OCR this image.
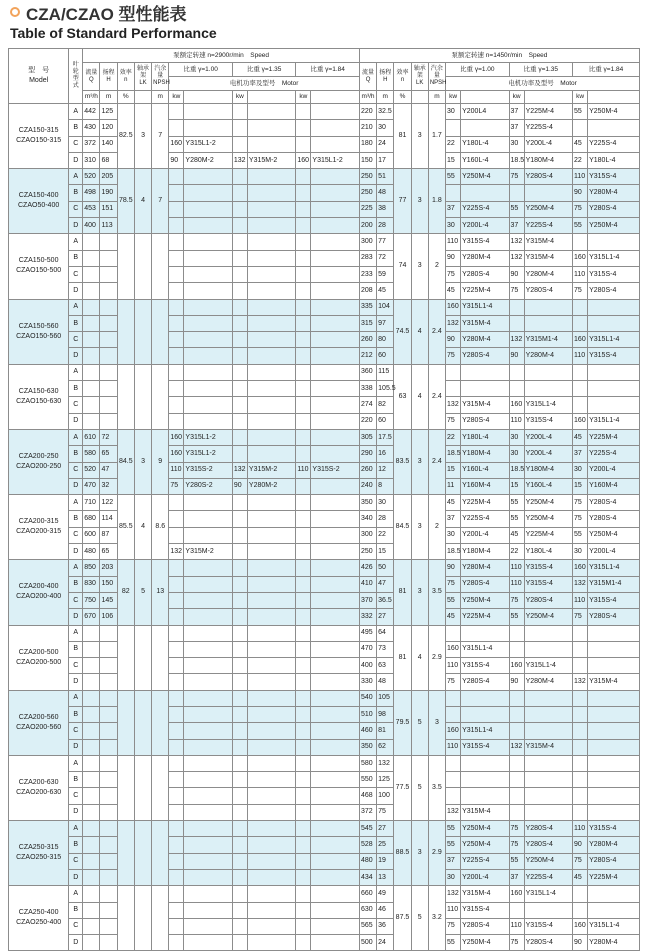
CZA/CZAO 型性能表
Table of Standard Performance
型　号
Model	叶轮型式	泵额定转速 n=2900r/min　Speed											泵额定转速 n=1450r/min　Speed										
		流量 Q	扬程 H	效率 n	轴承架 LK	汽余量 NPSH	比重 γ=1.00		比重 γ=1.35		比重 γ=1.84		流量 Q	扬程 H	效率 n	轴承架 LK	汽余量 NPSH	比重 γ=1.00		比重 γ=1.35		比重 γ=1.84	
							电机功率及型号　Motor											电机功率及型号　Motor					
		m³/h	m	%		m	kw		kw		kw		m³/h	m	%		m	kw		kw		kw	

CZA150-315
CZAO150-315	A	442	125	82.5	3	7							220	32.5	81	3	1.7	30	Y200L4	37	Y225M-4	55	Y250M-4
	B	430	120										210	30						37	Y225S-4		
	C	372	140				160	Y315L1-2					180	24				22	Y180L-4	30	Y200L-4	45	Y225S-4
	D	310	68				90	Y280M-2	132	Y315M-2	160	Y315L1-2	150	17				15	Y160L-4	18.5	Y180M-4	22	Y180L-4

CZA150-400
CZAO50-400	A	520	205	78.5	4	7							250	51	77	3	1.8	55	Y250M-4	75	Y280S-4	110	Y315S-4
	B	498	190										250	48								90	Y280M-4
	C	453	151										225	38				37	Y225S-4	55	Y250M-4	75	Y280S-4
	D	400	113										200	28				30	Y200L-4	37	Y225S-4	55	Y250M-4

CZA150-500
CZAO150-500	A												300	77	74	3	2	110	Y315S-4	132	Y315M-4		
	B												283	72				90	Y280M-4	132	Y315M-4	160	Y315L1-4
	C												233	59				75	Y280S-4	90	Y280M-4	110	Y315S-4
	D												208	45				45	Y225M-4	75	Y280S-4	75	Y280S-4

CZA150-560
CZAO150-560	A												335	104	74.5	4	2.4	160	Y315L1-4				
	B												315	97				132	Y315M-4				
	C												260	80				90	Y280M-4	132	Y315M1-4	160	Y315L1-4
	D												212	60				75	Y280S-4	90	Y280M-4	110	Y315S-4

CZA150-630
CZAO150-630	A												360	115	63	4	2.4						
	B												338	105.5									
	C												274	82				132	Y315M-4	160	Y315L1-4		
	D												220	60				75	Y280S-4	110	Y315S-4	160	Y315L1-4

CZA200-250
CZAO200-250	A	610	72	84.5	3	9	160	Y315L1-2					305	17.5	83.5	3	2.4	22	Y180L-4	30	Y200L-4	45	Y225M-4
	B	580	65				160	Y315L1-2					290	16				18.5	Y180M-4	30	Y200L-4	37	Y225S-4
	C	520	47				110	Y315S-2	132	Y315M-2	110	Y315S-2	260	12				15	Y160L-4	18.5	Y180M-4	30	Y200L-4
	D	470	32				75	Y280S-2	90	Y280M-2			240	8				11	Y160M-4	15	Y160L-4	15	Y160M-4

CZA200-315
CZAO200-315	A	710	122	85.5	4	8.6							350	30	84.5	3	2	45	Y225M-4	55	Y250M-4	75	Y280S-4
	B	680	114										340	28				37	Y225S-4	55	Y250M-4	75	Y280S-4
	C	600	87										300	22				30	Y200L-4	45	Y225M-4	55	Y250M-4
	D	480	65				132	Y315M-2					250	15				18.5	Y180M-4	22	Y180L-4	30	Y200L-4

CZA200-400
CZAO200-400	A	850	203	82	5	13							426	50	81	3	3.5	90	Y280M-4	110	Y315S-4	160	Y315L1-4
	B	830	150										410	47				75	Y280S-4	110	Y315S-4	132	Y315M1-4
	C	750	145										370	36.5				55	Y250M-4	75	Y280S-4	110	Y315S-4
	D	670	106										332	27				45	Y225M-4	55	Y250M-4	75	Y280S-4

CZA200-500
CZAO200-500	A												495	64	81	4	2.9						
	B												470	73				160	Y315L1-4				
	C												400	63				110	Y315S-4	160	Y315L1-4		
	D												330	48				75	Y280S-4	90	Y280M-4	132	Y315M-4

CZA200-560
CZAO200-560	A												540	105	79.5	5	3						
	B												510	98									
	C												460	81				160	Y315L1-4				
	D												350	62				110	Y315S-4	132	Y315M-4		

CZA200-630
CZAO200-630	A												580	132	77.5	5	3.5						
	B												550	125									
	C												468	100									
	D												372	75				132	Y315M-4				

CZA250-315
CZAO250-315	A												545	27	88.5	3	2.9	55	Y250M-4	75	Y280S-4	110	Y315S-4
	B												528	25				55	Y250M-4	75	Y280S-4	90	Y280M-4
	C												480	19				37	Y225S-4	55	Y250M-4	75	Y280S-4
	D												434	13				30	Y200L-4	37	Y225S-4	45	Y225M-4

CZA250-400
CZAO250-400	A												660	49	87.5	5	3.2	132	Y315M-4	160	Y315L1-4		
	B												630	46				110	Y315S-4				
	C												565	36				75	Y280S-4	110	Y315S-4	160	Y315L1-4
	D												500	24				55	Y250M-4	75	Y280S-4	90	Y280M-4
